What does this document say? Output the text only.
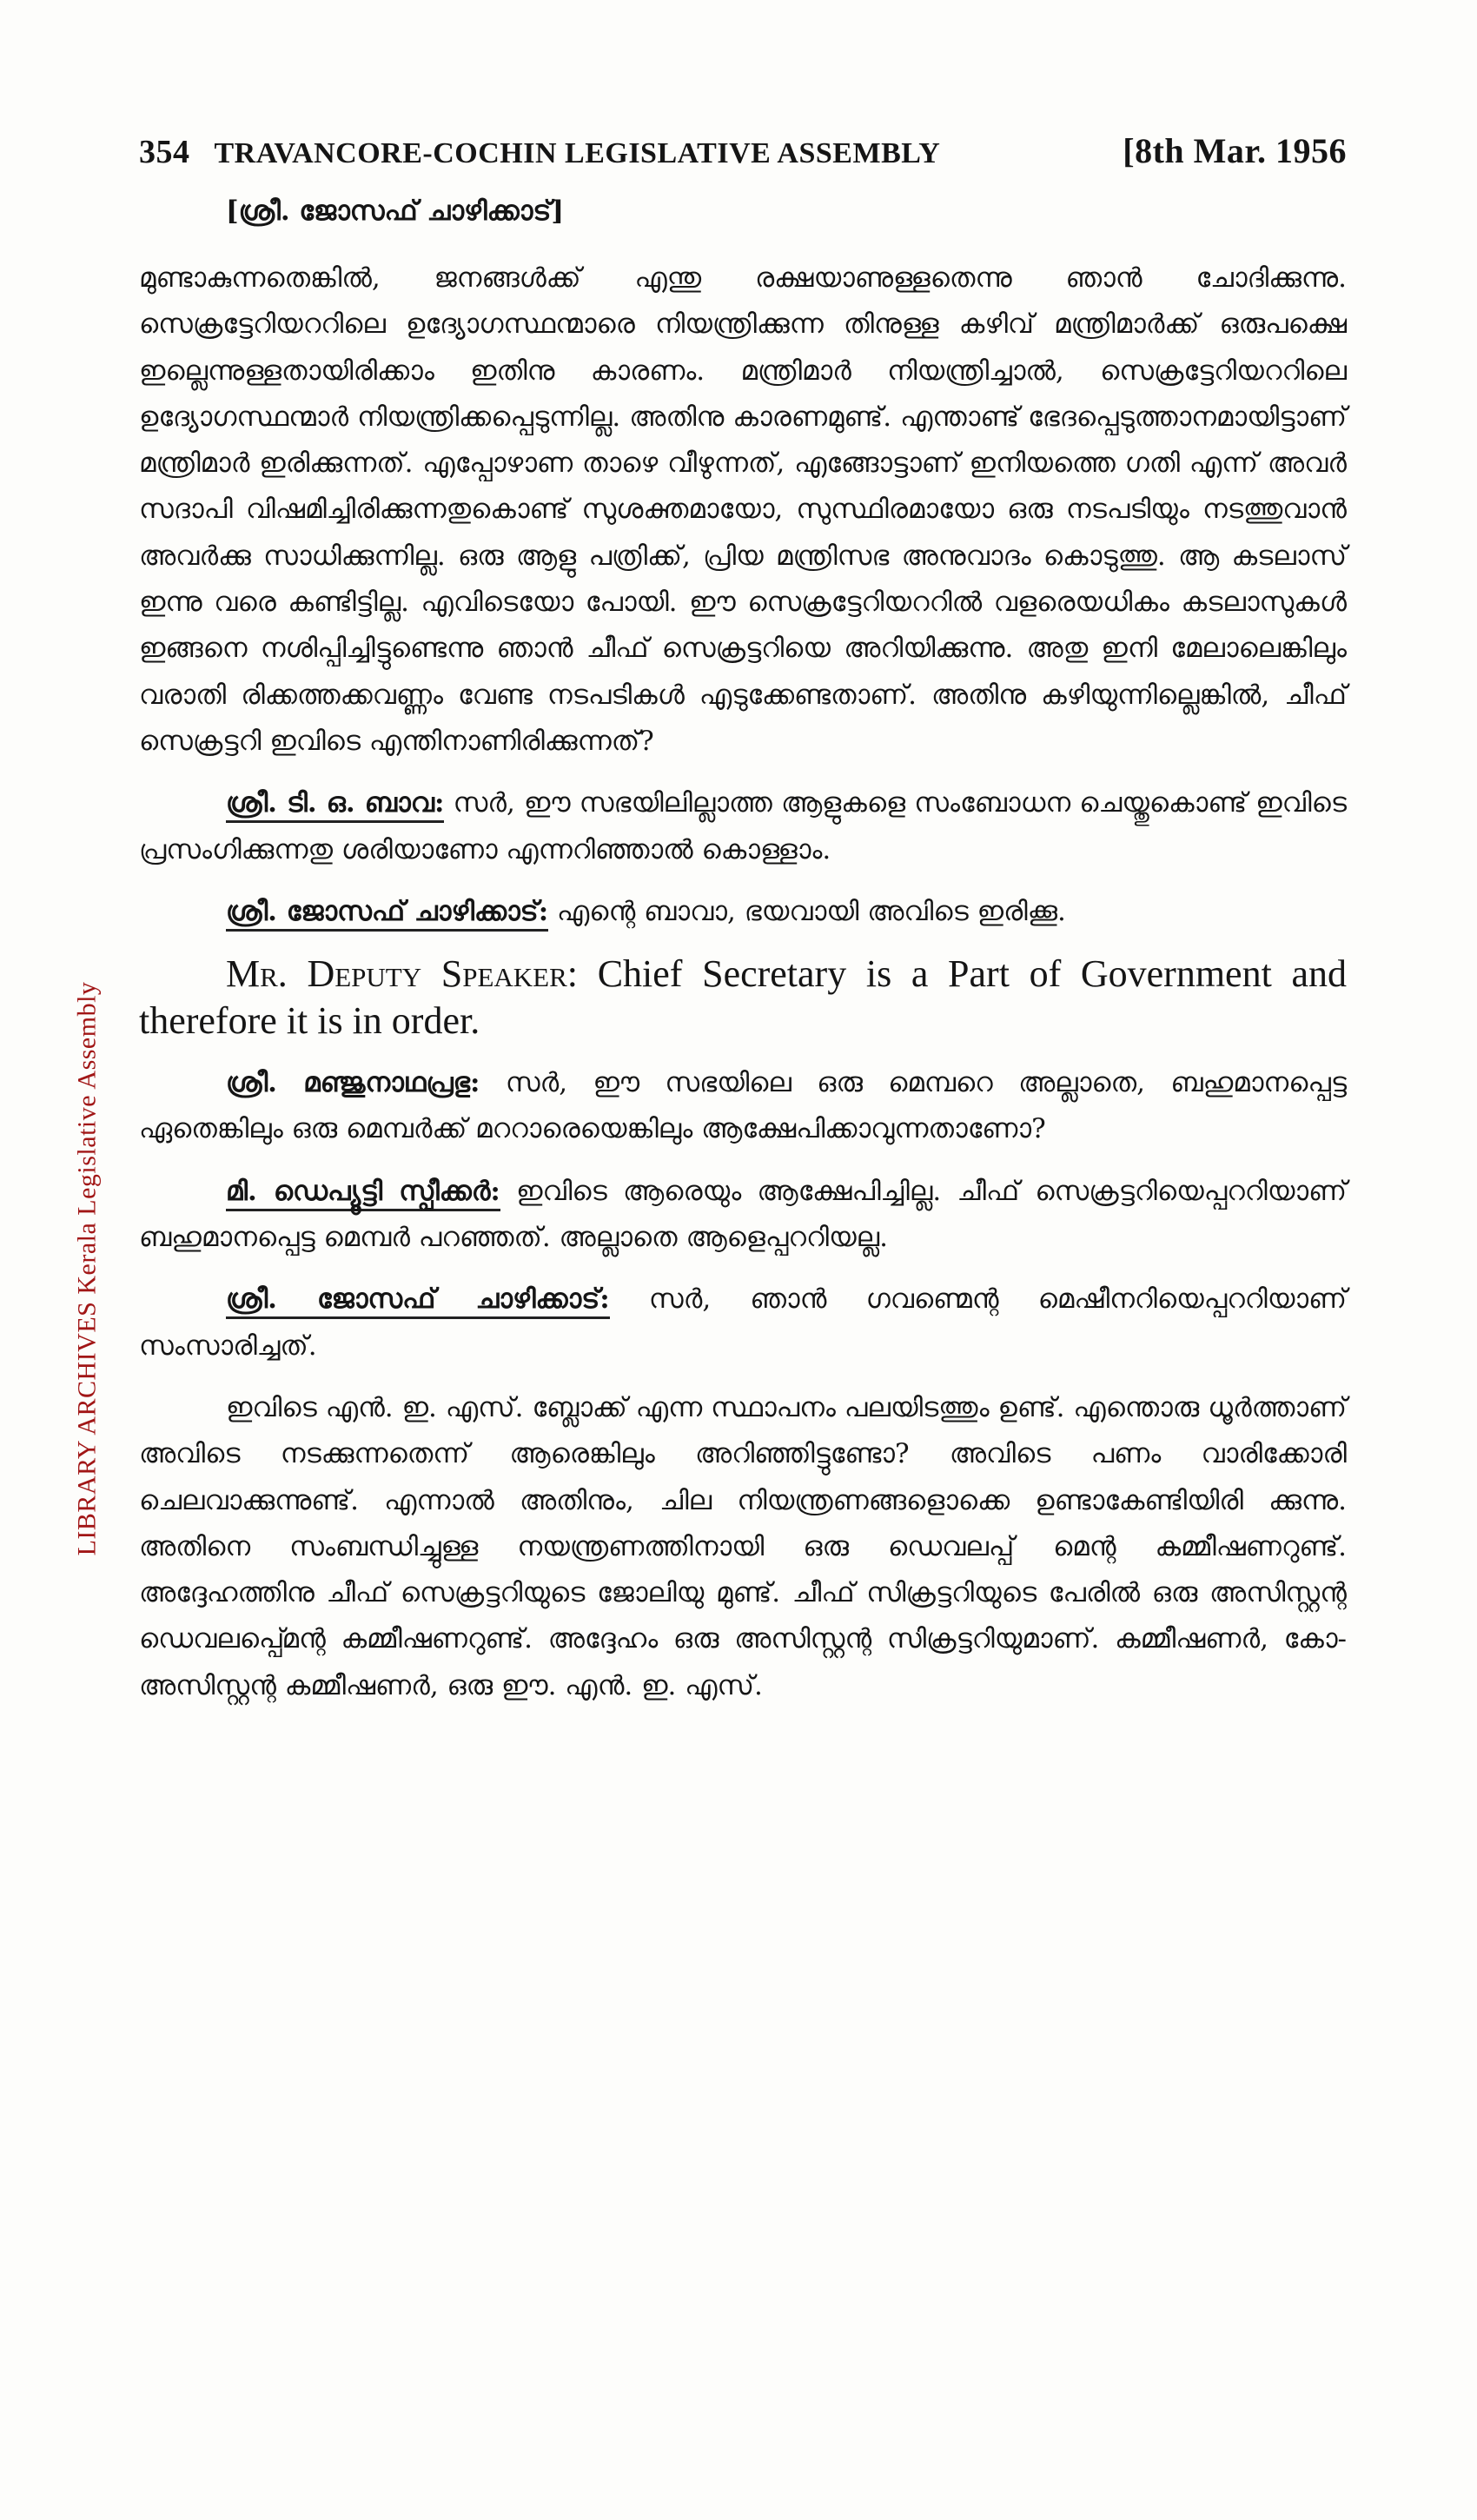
LIBRARY ARCHIVES Kerala Legislative Assembly
354 TRAVANCORE-COCHIN LEGISLATIVE ASSEMBLY	[8th Mar. 1956
[ശ്രീ. ജോസഫ് ചാഴിക്കാട്]

മുണ്ടാകുന്നതെങ്കിൽ, ജനങ്ങൾക്ക് എന്തു രക്ഷയാണുള്ളതെന്നു ഞാൻ ചോദിക്കുന്നു. സെക്രട്ടേറിയററിലെ ഉദ്യോഗസ്ഥന്മാരെ നിയന്ത്രിക്കുന്ന തിനുള്ള കഴിവ് മന്ത്രിമാർക്ക് ഒരുപക്ഷെ ഇല്ലെന്നുള്ളതായിരിക്കാം ഇതിനു കാരണം. മന്ത്രിമാർ നിയന്ത്രിച്ചാൽ, സെക്രട്ടേറിയററിലെ ഉദ്യോഗസ്ഥന്മാർ നിയന്ത്രിക്കപ്പെടുന്നില്ല. അതിനു കാരണമുണ്ട്. എന്താണ്ട് ഭേദപ്പെടുത്താനമായിട്ടാണ് മന്ത്രിമാർ ഇരിക്കുന്നത്. എപ്പോഴാണ താഴെ വീഴുന്നത്, എങ്ങോട്ടാണ് ഇനിയത്തെ ഗതി എന്ന് അവർ സദാപി വിഷമിച്ചിരിക്കുന്നതുകൊണ്ട് സുശക്തമായോ, സുസ്ഥിരമായോ ഒരു നടപടിയും നടത്തുവാൻ അവർക്കു സാധിക്കുന്നില്ല. ഒരു ആളു പത്രിക്ക്, പ്രിയ മന്ത്രിസഭ അനുവാദം കൊടുത്തു. ആ കടലാസ് ഇന്നു വരെ കണ്ടിട്ടില്ല. എവിടെയോ പോയി. ഈ സെക്രട്ടേറിയററിൽ വളരെയധികം കടലാസുകൾ ഇങ്ങനെ നശിപ്പിച്ചിട്ടുണ്ടെന്നു ഞാൻ ചീഫ് സെക്രട്ടറിയെ അറിയിക്കുന്നു. അതു ഇനി മേലാലെങ്കിലും വരാതി രിക്കത്തക്കവണ്ണം വേണ്ട നടപടികൾ എടുക്കേണ്ടതാണ്. അതിനു കഴിയുന്നില്ലെങ്കിൽ, ചീഫ് സെക്രട്ടറി ഇവിടെ എന്തിനാണിരിക്കുന്നത്?

ശ്രീ. ടി. ഒ. ബാവ: സർ, ഈ സഭയിലില്ലാത്ത ആളുകളെ സംബോധന ചെയ്തുകൊണ്ട് ഇവിടെ പ്രസംഗിക്കുന്നതു ശരിയാണോ എന്നറിഞ്ഞാൽ കൊള്ളാം.

ശ്രീ. ജോസഫ് ചാഴിക്കാട്: എന്റെ ബാവാ, ഭയവായി അവിടെ ഇരിക്കൂ.

Mr. Deputy Speaker: Chief Secretary is a Part of Government and therefore it is in order.

ശ്രീ. മഞ്ജുനാഥപ്രഭു: സർ, ഈ സഭയിലെ ഒരു മെമ്പറെ അല്ലാതെ, ബഹുമാനപ്പെട്ട ഏതെങ്കിലും ഒരു മെമ്പർക്ക് മററാരെയെങ്കിലും ആക്ഷേപിക്കാവുന്നതാണോ?

മി. ഡെപ്യൂട്ടി സ്പീക്കർ: ഇവിടെ ആരെയും ആക്ഷേപിച്ചില്ല. ചീഫ് സെക്രട്ടറിയെപ്പററിയാണ് ബഹുമാനപ്പെട്ട മെമ്പർ പറഞ്ഞത്. അല്ലാതെ ആളെപ്പററിയല്ല.

ശ്രീ. ജോസഫ് ചാഴിക്കാട്: സർ, ഞാൻ ഗവണ്മെന്റ മെഷീനറിയെപ്പററിയാണ് സംസാരിച്ചത്.

ഇവിടെ എൻ. ഇ. എസ്. ബ്ലോക്ക് എന്ന സ്ഥാപനം പലയിടത്തും ഉണ്ട്. എന്തൊരു ധൂർത്താണ് അവിടെ നടക്കുന്നതെന്ന് ആരെങ്കിലും അറിഞ്ഞിട്ടുണ്ടോ? അവിടെ പണം വാരിക്കോരി ചെലവാക്കുന്നുണ്ട്. എന്നാൽ അതിനും, ചില നിയന്ത്രണങ്ങളൊക്കെ ഉണ്ടാകേണ്ടിയിരി ക്കുന്നു. അതിനെ സംബന്ധിച്ചുള്ള നയന്ത്രണത്തിനായി ഒരു ഡെവലപ്പ് മെന്റ കമ്മീഷണറുണ്ട്. അദ്ദേഹത്തിനു ചീഫ് സെക്രട്ടറിയുടെ ജോലിയു മുണ്ട്. ചീഫ് സിക്രട്ടറിയുടെ പേരിൽ ഒരു അസിസ്റ്റന്റ ഡെവലപ്പ്മെന്റ കമ്മീഷണറുണ്ട്. അദ്ദേഹം ഒരു അസിസ്റ്റന്റ സിക്രട്ടറിയുമാണ്. കമ്മീഷണർ, കോ-അസിസ്റ്റന്റ കമ്മീഷണർ, ഒരു ഈ. എൻ. ഇ. എസ്.
